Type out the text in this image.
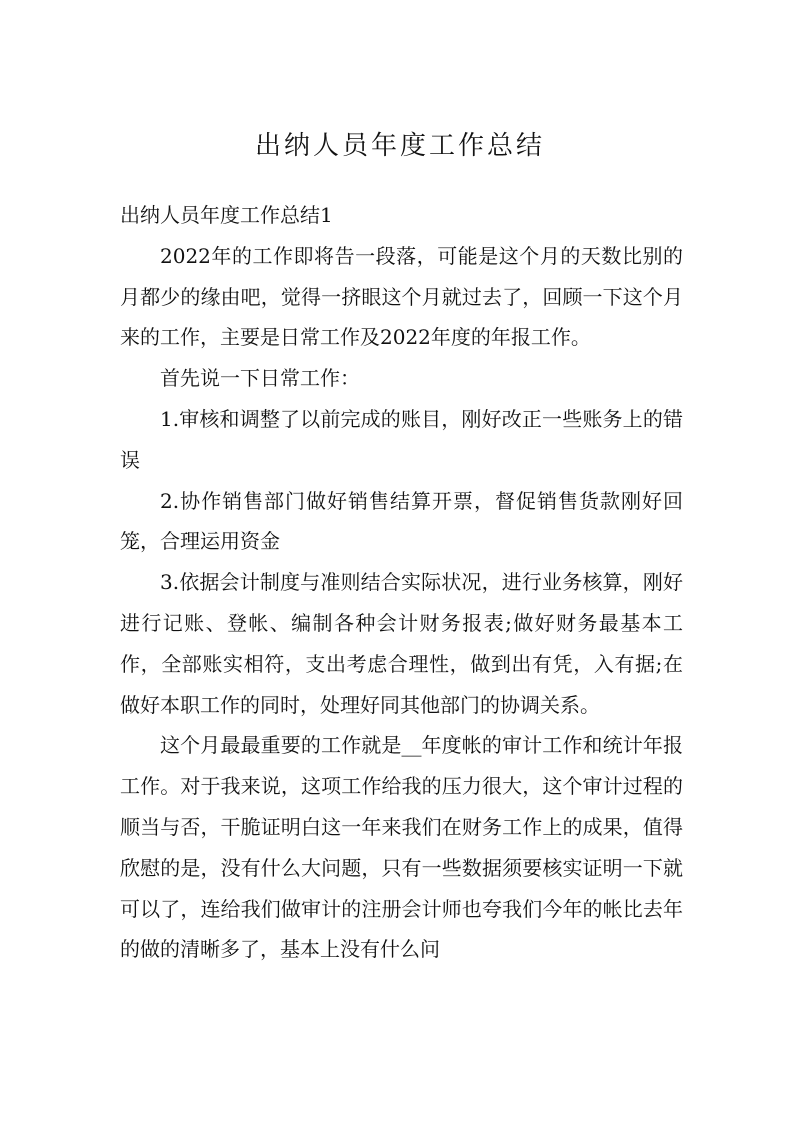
出纳人员年度工作总结

出纳人员年度工作总结1

2022年的工作即将告一段落，可能是这个月的天数比别的月都少的缘由吧，觉得一挤眼这个月就过去了，回顾一下这个月来的工作，主要是日常工作及2022年度的年报工作。

首先说一下日常工作：

1.审核和调整了以前完成的账目，刚好改正一些账务上的错误

2.协作销售部门做好销售结算开票，督促销售货款刚好回笼，合理运用资金

3.依据会计制度与准则结合实际状况，进行业务核算，刚好进行记账、登帐、编制各种会计财务报表;做好财务最基本工作，全部账实相符，支出考虑合理性，做到出有凭，入有据;在做好本职工作的同时，处理好同其他部门的协调关系。

这个月最最重要的工作就是__年度帐的审计工作和统计年报工作。对于我来说，这项工作给我的压力很大，这个审计过程的顺当与否，干脆证明白这一年来我们在财务工作上的成果，值得欣慰的是，没有什么大问题，只有一些数据须要核实证明一下就可以了，连给我们做审计的注册会计师也夸我们今年的帐比去年的做的清晰多了，基本上没有什么问
